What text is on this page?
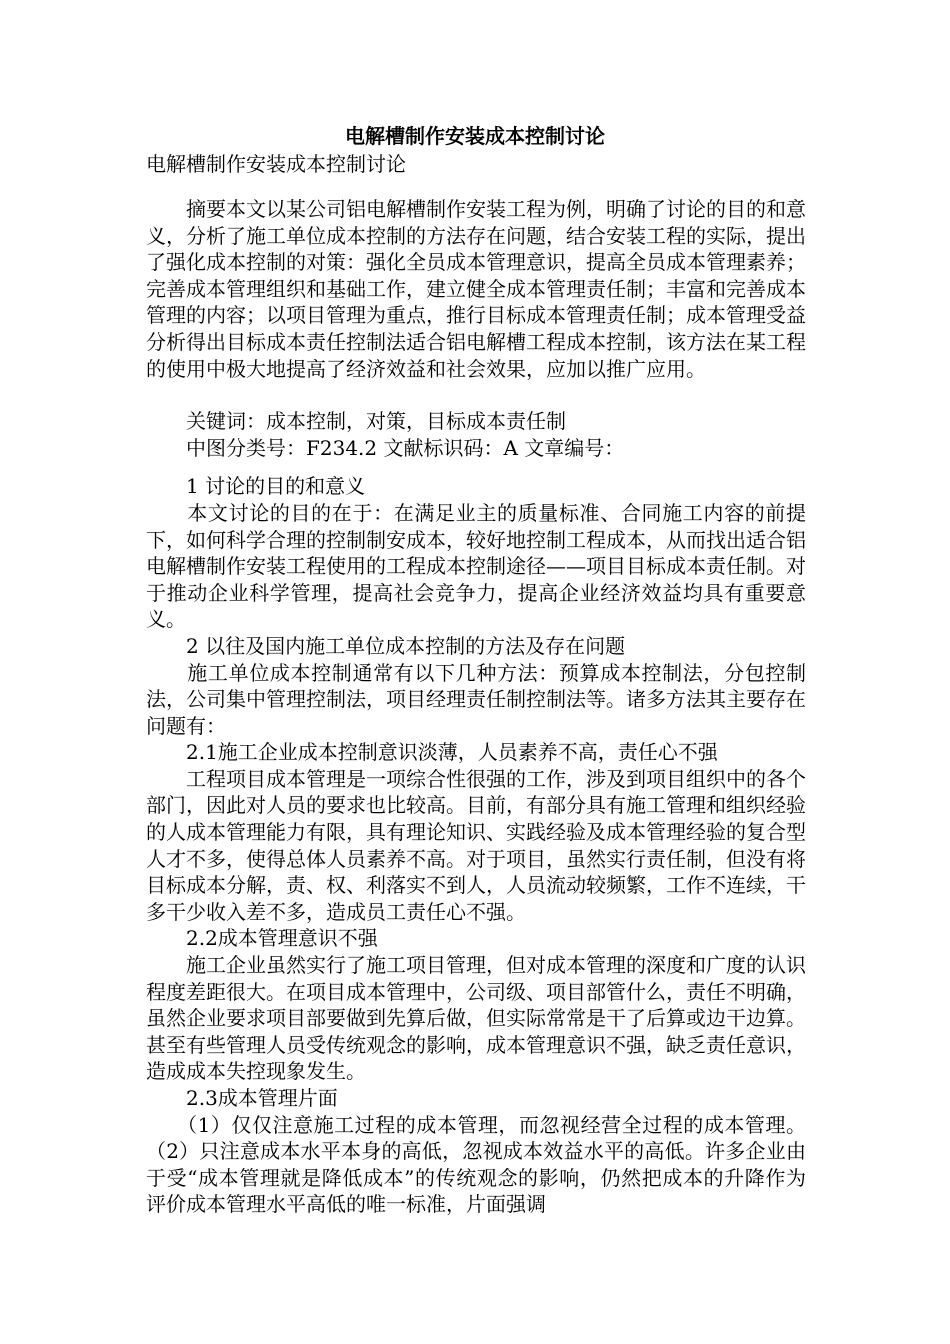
电解槽制作安装成本控制讨论
电解槽制作安装成本控制讨论

　　摘要本文以某公司铝电解槽制作安装工程为例，明确了讨论的目的和意义，分析了施工单位成本控制的方法存在问题，结合安装工程的实际，提出了强化成本控制的对策：强化全员成本管理意识，提高全员成本管理素养；完善成本管理组织和基础工作，建立健全成本管理责任制；丰富和完善成本管理的内容；以项目管理为重点，推行目标成本管理责任制；成本管理受益分析得出目标成本责任控制法适合铝电解槽工程成本控制，该方法在某工程的使用中极大地提高了经济效益和社会效果，应加以推广应用。

　　关键词：成本控制，对策，目标成本责任制

　　中图分类号：F234.2 文献标识码：A 文章编号：

　　1 讨论的目的和意义

　　本文讨论的目的在于：在满足业主的质量标准、合同施工内容的前提下，如何科学合理的控制制安成本，较好地控制工程成本，从而找出适合铝电解槽制作安装工程使用的工程成本控制途径——项目目标成本责任制。对于推动企业科学管理，提高社会竞争力，提高企业经济效益均具有重要意义。

　　2 以往及国内施工单位成本控制的方法及存在问题

　　施工单位成本控制通常有以下几种方法：预算成本控制法，分包控制法，公司集中管理控制法，项目经理责任制控制法等。诸多方法其主要存在问题有：

　　2.1施工企业成本控制意识淡薄，人员素养不高，责任心不强

　　工程项目成本管理是一项综合性很强的工作，涉及到项目组织中的各个部门，因此对人员的要求也比较高。目前，有部分具有施工管理和组织经验的人成本管理能力有限，具有理论知识、实践经验及成本管理经验的复合型人才不多，使得总体人员素养不高。对于项目，虽然实行责任制，但没有将目标成本分解，责、权、利落实不到人，人员流动较频繁，工作不连续，干多干少收入差不多，造成员工责任心不强。

　　2.2成本管理意识不强

　　施工企业虽然实行了施工项目管理，但对成本管理的深度和广度的认识程度差距很大。在项目成本管理中，公司级、项目部管什么，责任不明确，虽然企业要求项目部要做到先算后做，但实际常常是干了后算或边干边算。甚至有些管理人员受传统观念的影响，成本管理意识不强，缺乏责任意识，造成成本失控现象发生。

　　2.3成本管理片面

　　（1）仅仅注意施工过程的成本管理，而忽视经营全过程的成本管理。（2）只注意成本水平本身的高低，忽视成本效益水平的高低。许多企业由于受“成本管理就是降低成本”的传统观念的影响，仍然把成本的升降作为评价成本管理水平高低的唯一标准，片面强调
